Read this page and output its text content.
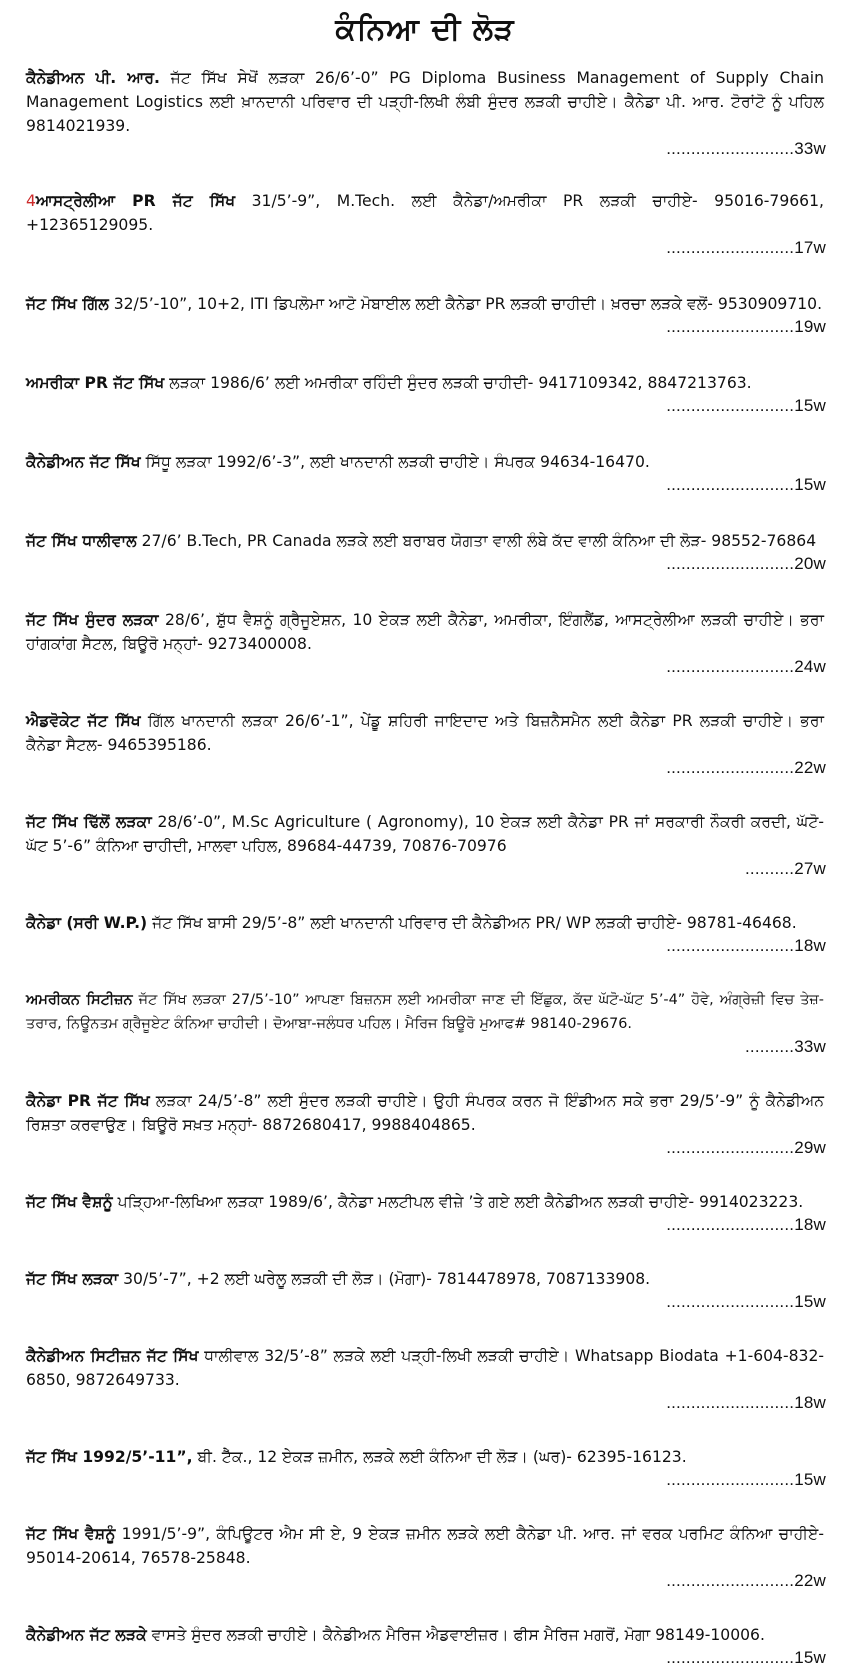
ਕੰਨਿਆ ਦੀ ਲੋੜ
ਕੈਨੇਡੀਅਨ ਪੀ. ਆਰ. ਜੱਟ ਸਿੱਖ ਸੇਖੋਂ ਲੜਕਾ 26/6’-0” PG Diploma Business Management of Supply Chain Management Logistics ਲਈ ਖ਼ਾਨਦਾਨੀ ਪਰਿਵਾਰ ਦੀ ਪੜ੍ਹੀ-ਲਿਖੀ ਲੰਬੀ ਸੁੰਦਰ ਲੜਕੀ ਚਾਹੀਏ। ਕੈਨੇਡਾ ਪੀ. ਆਰ. ਟੋਰਾਂਟੋ ਨੂੰ ਪਹਿਲ 9814021939.
..........................33w
4ਆਸਟ੍ਰੇਲੀਆ PR ਜੱਟ ਸਿੱਖ 31/5’-9”, M.Tech. ਲਈ ਕੈਨੇਡਾ/ਅਮਰੀਕਾ PR ਲੜਕੀ ਚਾਹੀਏ- 95016-79661, +12365129095.
..........................17w
ਜੱਟ ਸਿੱਖ ਗਿੱਲ 32/5’-10”, 10+2, ITI ਡਿਪਲੋਮਾ ਆਟੋ ਮੋਬਾਈਲ ਲਈ ਕੈਨੇਡਾ PR ਲੜਕੀ ਚਾਹੀਦੀ। ਖ਼ਰਚਾ ਲੜਕੇ ਵਲੋਂ- 9530909710.
..........................19w
ਅਮਰੀਕਾ PR ਜੱਟ ਸਿੱਖ ਲੜਕਾ 1986/6’ ਲਈ ਅਮਰੀਕਾ ਰਹਿੰਦੀ ਸੁੰਦਰ ਲੜਕੀ ਚਾਹੀਦੀ- 9417109342, 8847213763.
..........................15w
ਕੈਨੇਡੀਅਨ ਜੱਟ ਸਿੱਖ ਸਿੱਧੂ ਲੜਕਾ 1992/6’-3”, ਲਈ ਖਾਨਦਾਨੀ ਲੜਕੀ ਚਾਹੀਏ। ਸੰਪਰਕ 94634-16470.
..........................15w
ਜੱਟ ਸਿੱਖ ਧਾਲੀਵਾਲ 27/6’ B.Tech, PR Canada ਲੜਕੇ ਲਈ ਬਰਾਬਰ ਯੋਗਤਾ ਵਾਲੀ ਲੰਬੇ ਕੱਦ ਵਾਲੀ ਕੰਨਿਆ ਦੀ ਲੋੜ- 98552-76864
..........................20w
ਜੱਟ ਸਿੱਖ ਸੁੰਦਰ ਲੜਕਾ 28/6’, ਸ਼ੁੱਧ ਵੈਸ਼ਨੂੰ ਗ੍ਰੈਜੂਏਸ਼ਨ, 10 ਏਕੜ ਲਈ ਕੈਨੇਡਾ, ਅਮਰੀਕਾ, ਇੰਗਲੈਂਡ, ਆਸਟ੍ਰੇਲੀਆ ਲੜਕੀ ਚਾਹੀਏ। ਭਰਾ ਹਾਂਗਕਾਂਗ ਸੈਟਲ, ਬਿਊਰੋ ਮਨ੍ਹਾਂ- 9273400008.
..........................24w
ਐਡਵੋਕੇਟ ਜੱਟ ਸਿੱਖ ਗਿੱਲ ਖਾਨਦਾਨੀ ਲੜਕਾ 26/6’-1”, ਪੇਂਡੂ ਸ਼ਹਿਰੀ ਜਾਇਦਾਦ ਅਤੇ ਬਿਜ਼ਨੈਸਮੈਨ ਲਈ ਕੈਨੇਡਾ PR ਲੜਕੀ ਚਾਹੀਏ। ਭਰਾ ਕੈਨੇਡਾ ਸੈਟਲ- 9465395186.
..........................22w
ਜੱਟ ਸਿੱਖ ਢਿੱਲੋਂ ਲੜਕਾ 28/6’-0”, M.Sc Agriculture ( Agronomy), 10 ਏਕੜ ਲਈ ਕੈਨੇਡਾ PR ਜਾਂ ਸਰਕਾਰੀ ਨੌਕਰੀ ਕਰਦੀ, ਘੱਟੋ-ਘੱਟ 5’-6” ਕੰਨਿਆ ਚਾਹੀਦੀ, ਮਾਲਵਾ ਪਹਿਲ, 89684-44739, 70876-70976
..........27w
ਕੈਨੇਡਾ (ਸਰੀ W.P.) ਜੱਟ ਸਿੱਖ ਬਾਸੀ 29/5’-8” ਲਈ ਖਾਨਦਾਨੀ ਪਰਿਵਾਰ ਦੀ ਕੈਨੇਡੀਅਨ PR/ WP ਲੜਕੀ ਚਾਹੀਏ- 98781-46468.
..........................18w
ਅਮਰੀਕਨ ਸਿਟੀਜ਼ਨ ਜੱਟ ਸਿੱਖ ਲੜਕਾ 27/5’-10” ਆਪਣਾ ਬਿਜ਼ਨਸ ਲਈ ਅਮਰੀਕਾ ਜਾਣ ਦੀ ਇੱਛੁਕ, ਕੱਦ ਘੱਟੋ-ਘੱਟ 5’-4” ਹੋਵੇ, ਅੰਗ੍ਰੇਜ਼ੀ ਵਿਚ ਤੇਜ਼-ਤਰਾਰ, ਨਿਊਨਤਮ ਗ੍ਰੈਜੂਏਟ ਕੰਨਿਆ ਚਾਹੀਦੀ। ਦੋਆਬਾ-ਜਲੰਧਰ ਪਹਿਲ। ਮੈਰਿਜ ਬਿਊਰੋ ਮੁਆਫ# 98140-29676.
..........33w
ਕੈਨੇਡਾ PR ਜੱਟ ਸਿੱਖ ਲੜਕਾ 24/5’-8” ਲਈ ਸੁੰਦਰ ਲੜਕੀ ਚਾਹੀਏ। ਉਹੀ ਸੰਪਰਕ ਕਰਨ ਜੋ ਇੰਡੀਅਨ ਸਕੇ ਭਰਾ 29/5’-9” ਨੂੰ ਕੈਨੇਡੀਅਨ ਰਿਸ਼ਤਾ ਕਰਵਾਉਣ। ਬਿਊਰੋ ਸਖ਼ਤ ਮਨ੍ਹਾਂ- 8872680417, 9988404865.
..........................29w
ਜੱਟ ਸਿੱਖ ਵੈਸ਼ਨੂੰ ਪੜ੍ਹਿਆ-ਲਿਖਿਆ ਲੜਕਾ 1989/6’, ਕੈਨੇਡਾ ਮਲਟੀਪਲ ਵੀਜ਼ੇ ’ਤੇ ਗਏ ਲਈ ਕੈਨੇਡੀਅਨ ਲੜਕੀ ਚਾਹੀਏ- 9914023223.
..........................18w
ਜੱਟ ਸਿੱਖ ਲੜਕਾ 30/5’-7”, +2 ਲਈ ਘਰੇਲੂ ਲੜਕੀ ਦੀ ਲੋੜ। (ਮੋਗਾ)- 7814478978, 7087133908.
..........................15w
ਕੈਨੇਡੀਅਨ ਸਿਟੀਜ਼ਨ ਜੱਟ ਸਿੱਖ ਧਾਲੀਵਾਲ 32/5’-8” ਲੜਕੇ ਲਈ ਪੜ੍ਹੀ-ਲਿਖੀ ਲੜਕੀ ਚਾਹੀਏ। Whatsapp Biodata +1-604-832-6850, 9872649733.
..........................18w
ਜੱਟ ਸਿੱਖ 1992/5’-11”, ਬੀ. ਟੈੱਕ., 12 ਏਕੜ ਜ਼ਮੀਨ, ਲੜਕੇ ਲਈ ਕੰਨਿਆ ਦੀ ਲੋੜ। (ਘਰ)- 62395-16123.
..........................15w
ਜੱਟ ਸਿੱਖ ਵੈਸ਼ਨੂੰ 1991/5’-9”, ਕੰਪਿਊਟਰ ਐਮ ਸੀ ਏ, 9 ਏਕੜ ਜ਼ਮੀਨ ਲੜਕੇ ਲਈ ਕੈਨੇਡਾ ਪੀ. ਆਰ. ਜਾਂ ਵਰਕ ਪਰਮਿਟ ਕੰਨਿਆ ਚਾਹੀਏ- 95014-20614, 76578-25848.
..........................22w
ਕੈਨੇਡੀਅਨ ਜੱਟ ਲੜਕੇ ਵਾਸਤੇ ਸੁੰਦਰ ਲੜਕੀ ਚਾਹੀਏ। ਕੈਨੇਡੀਅਨ ਮੈਰਿਜ ਐਡਵਾਈਜ਼ਰ। ਫੀਸ ਮੈਰਿਜ ਮਗਰੋਂ, ਮੋਗਾ 98149-10006.
..........................15w
